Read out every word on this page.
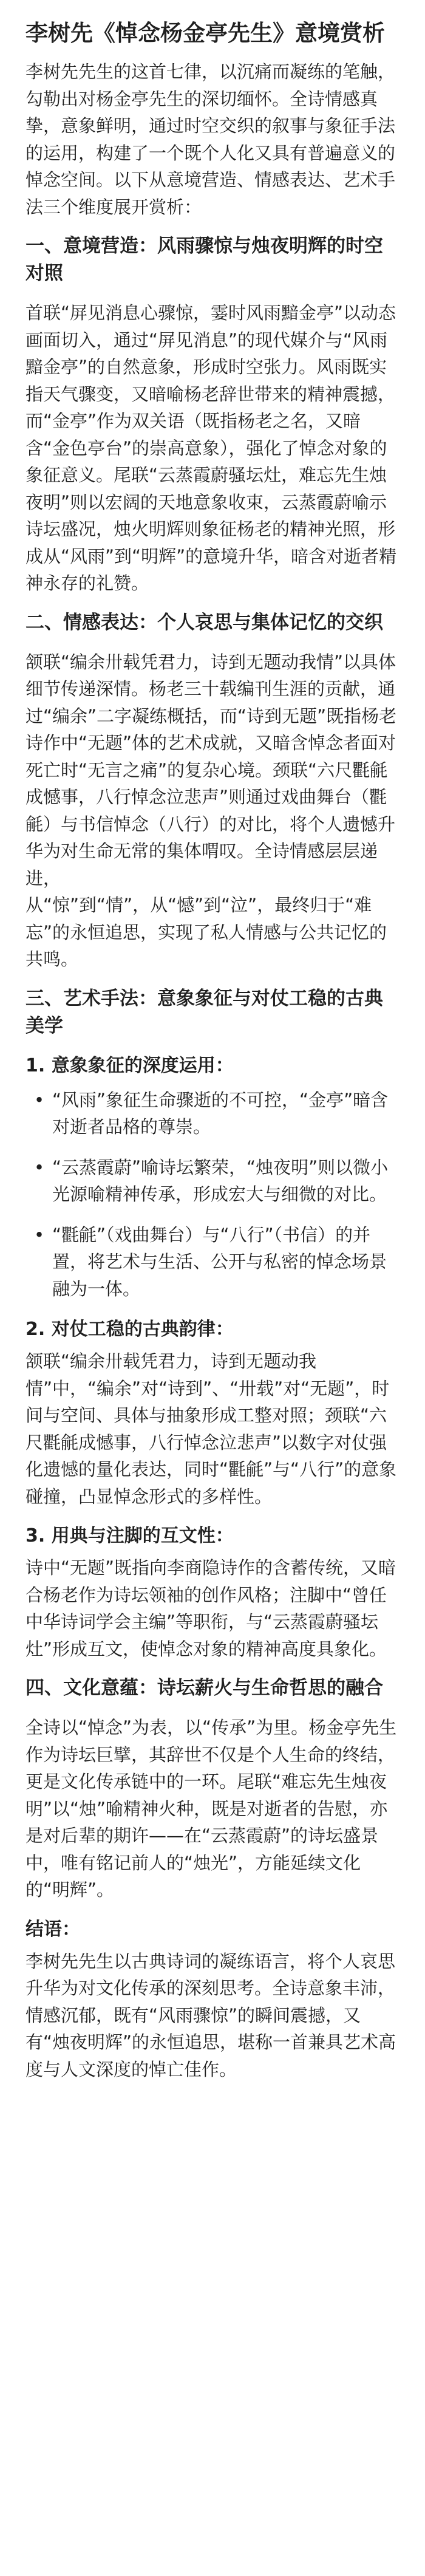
李树先《悼念杨金亭先生》意境赏析

李树先先生的这首七律，以沉痛而凝练的笔触，勾勒出对杨金亭先生的深切缅怀。全诗情感真挚，意象鲜明，通过时空交织的叙事与象征手法的运用，构建了一个既个人化又具有普遍意义的悼念空间。以下从意境营造、情感表达、艺术手法三个维度展开赏析：

一、意境营造：风雨骤惊与烛夜明辉的时空对照

首联“屏见消息心骤惊，霎时风雨黯金亭”以动态画面切入，通过“屏见消息”的现代媒介与“风雨黯金亭”的自然意象，形成时空张力。风雨既实指天气骤变，又暗喻杨老辞世带来的精神震撼，而“金亭”作为双关语（既指杨老之名，又暗含“金色亭台”的崇高意象），强化了悼念对象的象征意义。尾联“云蒸霞蔚骚坛灶，难忘先生烛夜明”则以宏阔的天地意象收束，云蒸霞蔚喻示诗坛盛况，烛火明辉则象征杨老的精神光照，形成从“风雨”到“明辉”的意境升华，暗含对逝者精神永存的礼赞。

二、情感表达：个人哀思与集体记忆的交织

颔联“编余卅载凭君力，诗到无题动我情”以具体细节传递深情。杨老三十载编刊生涯的贡献，通过“编余”二字凝练概括，而“诗到无题”既指杨老诗作中“无题”体的艺术成就，又暗含悼念者面对死亡时“无言之痛”的复杂心境。颈联“六尺氍毹成憾事，八行悼念泣悲声”则通过戏曲舞台（氍毹）与书信悼念（八行）的对比，将个人遗憾升华为对生命无常的集体喟叹。全诗情感层层递进，
从“惊”到“情”，从“憾”到“泣”，最终归于“难忘”的永恒追思，实现了私人情感与公共记忆的共鸣。

三、艺术手法：意象象征与对仗工稳的古典美学
1. 意象象征的深度运用：
• “风雨”象征生命骤逝的不可控，“金亭”暗含对逝者品格的尊崇。
• “云蒸霞蔚”喻诗坛繁荣，“烛夜明”则以微小光源喻精神传承，形成宏大与细微的对比。
• “氍毹”（戏曲舞台）与“八行”（书信）的并置，将艺术与生活、公开与私密的悼念场景融为一体。
2. 对仗工稳的古典韵律：

颔联“编余卅载凭君力，诗到无题动我情”中，“编余”对“诗到”、“卅载”对“无题”，时间与空间、具体与抽象形成工整对照；颈联“六尺氍毹成憾事，八行悼念泣悲声”以数字对仗强化遗憾的量化表达，同时“氍毹”与“八行”的意象碰撞，凸显悼念形式的多样性。

3. 用典与注脚的互文性：

诗中“无题”既指向李商隐诗作的含蓄传统，又暗合杨老作为诗坛领袖的创作风格；注脚中“曾任中华诗词学会主编”等职衔，与“云蒸霞蔚骚坛灶”形成互文，使悼念对象的精神高度具象化。

四、文化意蕴：诗坛薪火与生命哲思的融合

全诗以“悼念”为表，以“传承”为里。杨金亭先生作为诗坛巨擘，其辞世不仅是个人生命的终结，更是文化传承链中的一环。尾联“难忘先生烛夜明”以“烛”喻精神火种，既是对逝者的告慰，亦是对后辈的期许——在“云蒸霞蔚”的诗坛盛景中，唯有铭记前人的“烛光”，方能延续文化的“明辉”。

结语：

李树先先生以古典诗词的凝练语言，将个人哀思升华为对文化传承的深刻思考。全诗意象丰沛，情感沉郁，既有“风雨骤惊”的瞬间震撼，又有“烛夜明辉”的永恒追思，堪称一首兼具艺术高度与人文深度的悼亡佳作。
